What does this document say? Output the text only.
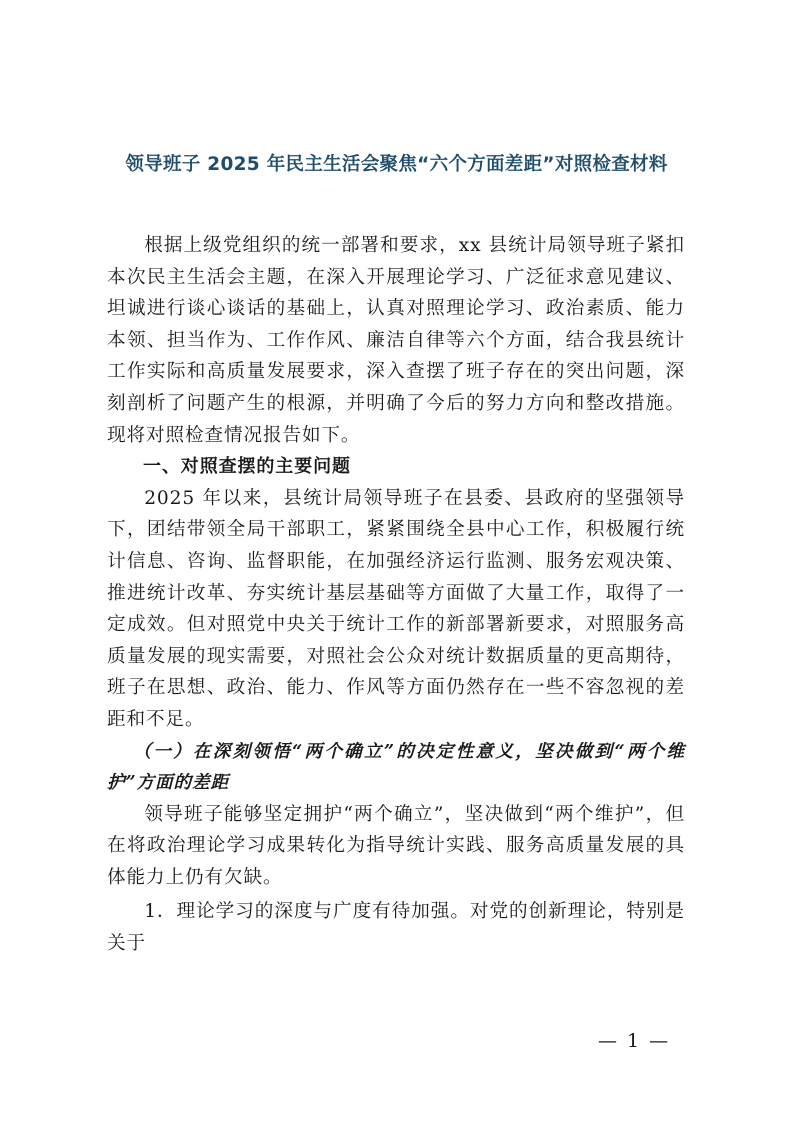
领导班子 2025 年民主生活会聚焦“六个方面差距”对照检查材料

根据上级党组织的统一部署和要求，xx 县统计局领导班子紧扣本次民主生活会主题，在深入开展理论学习、广泛征求意见建议、坦诚进行谈心谈话的基础上，认真对照理论学习、政治素质、能力本领、担当作为、工作作风、廉洁自律等六个方面，结合我县统计工作实际和高质量发展要求，深入查摆了班子存在的突出问题，深刻剖析了问题产生的根源，并明确了今后的努力方向和整改措施。现将对照检查情况报告如下。

一、对照查摆的主要问题

2025 年以来，县统计局领导班子在县委、县政府的坚强领导下，团结带领全局干部职工，紧紧围绕全县中心工作，积极履行统计信息、咨询、监督职能，在加强经济运行监测、服务宏观决策、推进统计改革、夯实统计基层基础等方面做了大量工作，取得了一定成效。但对照党中央关于统计工作的新部署新要求，对照服务高质量发展的现实需要，对照社会公众对统计数据质量的更高期待，班子在思想、政治、能力、作风等方面仍然存在一些不容忽视的差距和不足。

（一）在深刻领悟“两个确立”的决定性意义，坚决做到“两个维护”方面的差距

领导班子能够坚定拥护“两个确立”，坚决做到“两个维护”，但在将政治理论学习成果转化为指导统计实践、服务高质量发展的具体能力上仍有欠缺。

1．理论学习的深度与广度有待加强。对党的创新理论，特别是关于

— 1 —
